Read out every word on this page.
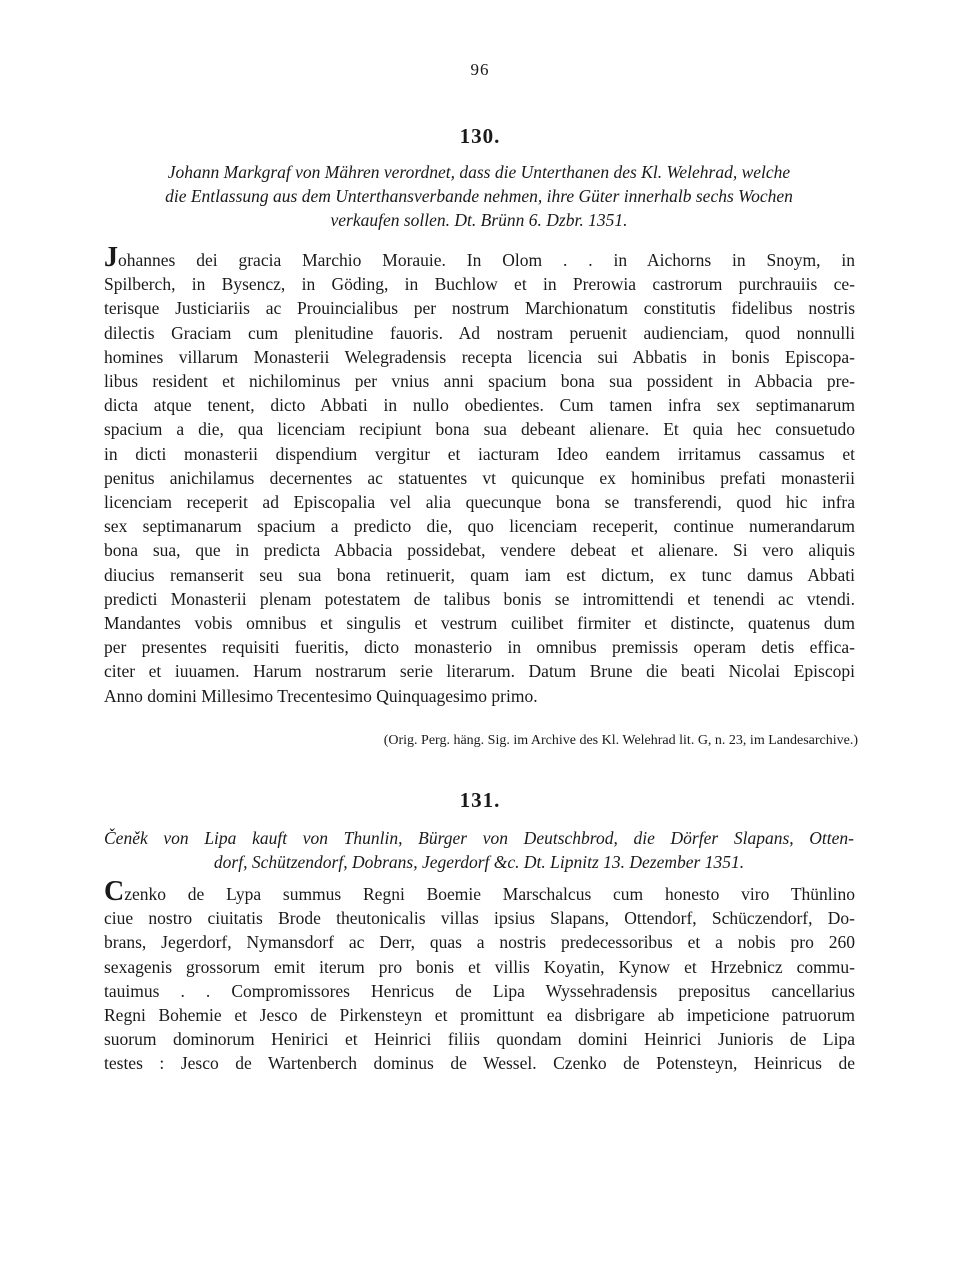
96
130.
Johann Markgraf von Mähren verordnet, dass die Unterthanen des Kl. Welehrad, welche
die Entlassung aus dem Unterthansverbande nehmen, ihre Güter innerhalb sechs Wochen
verkaufen sollen. Dt. Brünn 6. Dzbr. 1351.
Johannes dei gracia Marchio Morauie. In Olom . . in Aichorns in Snoym, in
Spilberch, in Bysencz, in Göding, in Buchlow et in Prerowia castrorum purchrauiis ce-
terisque Justiciariis ac Prouincialibus per nostrum Marchionatum constitutis fidelibus nostris
dilectis Graciam cum plenitudine fauoris. Ad nostram peruenit audienciam, quod nonnulli
homines villarum Monasterii Welegradensis recepta licencia sui Abbatis in bonis Episcopa-
libus resident et nichilominus per vnius anni spacium bona sua possident in Abbacia pre-
dicta atque tenent, dicto Abbati in nullo obedientes. Cum tamen infra sex septimanarum
spacium a die, qua licenciam recipiunt bona sua debeant alienare. Et quia hec consuetudo
in dicti monasterii dispendium vergitur et iacturam Ideo eandem irritamus cassamus et
penitus anichilamus decernentes ac statuentes vt quicunque ex hominibus prefati monasterii
licenciam receperit ad Episcopalia vel alia quecunque bona se transferendi, quod hic infra
sex septimanarum spacium a predicto die, quo licenciam receperit, continue numerandarum
bona sua, que in predicta Abbacia possidebat, vendere debeat et alienare. Si vero aliquis
diucius remanserit seu sua bona retinuerit, quam iam est dictum, ex tunc damus Abbati
predicti Monasterii plenam potestatem de talibus bonis se intromittendi et tenendi ac vtendi.
Mandantes vobis omnibus et singulis et vestrum cuilibet firmiter et distincte, quatenus dum
per presentes requisiti fueritis, dicto monasterio in omnibus premissis operam detis effica-
citer et iuuamen. Harum nostrarum serie literarum. Datum Brune die beati Nicolai Episcopi
Anno domini Millesimo Trecentesimo Quinquagesimo primo.
(Orig. Perg. häng. Sig. im Archive des Kl. Welehrad lit. G, n. 23, im Landesarchive.)
131.
Čeněk von Lipa kauft von Thunlin, Bürger von Deutschbrod, die Dörfer Slapans, Otten-
dorf, Schützendorf, Dobrans, Jegerdorf &c. Dt. Lipnitz 13. Dezember 1351.
Czenko de Lypa summus Regni Boemie Marschalcus cum honesto viro Thünlino
ciue nostro ciuitatis Brode theutonicalis villas ipsius Slapans, Ottendorf, Schüczendorf, Do-
brans, Jegerdorf, Nymansdorf ac Derr, quas a nostris predecessoribus et a nobis pro 260
sexagenis grossorum emit iterum pro bonis et villis Koyatin, Kynow et Hrzebnicz commu-
tauimus . . Compromissores Henricus de Lipa Wyssehradensis prepositus cancellarius
Regni Bohemie et Jesco de Pirkensteyn et promittunt ea disbrigare ab impeticione patruorum
suorum dominorum Henirici et Heinrici filiis quondam domini Heinrici Junioris de Lipa
testes : Jesco de Wartenberch dominus de Wessel. Czenko de Potensteyn, Heinricus de
